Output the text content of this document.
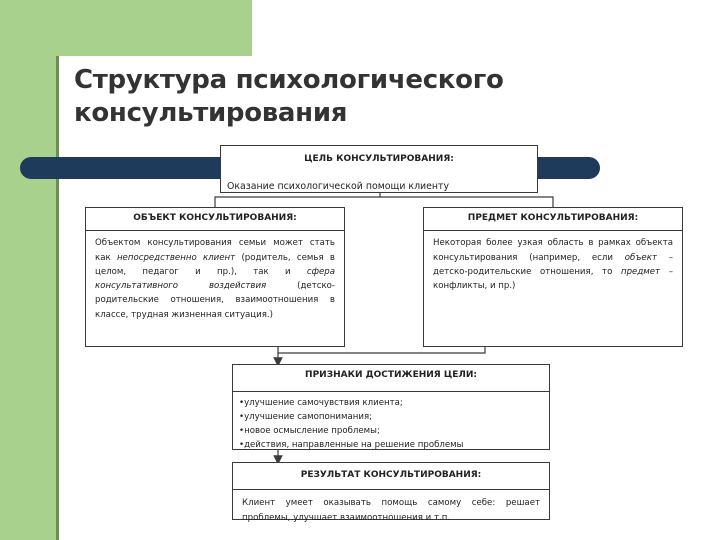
Структура психологического
консультирования
ЦЕЛЬ КОНСУЛЬТИРОВАНИЯ:
Оказание психологической помощи клиенту
ОБЪЕКТ КОНСУЛЬТИРОВАНИЯ:
Объектом консультирования семьи может стать как непосредственно клиент (родитель, семья в целом, педагог и пр.), так и сфера консультативного воздействия (детско-родительские отношения, взаимоотношения в классе, трудная жизненная ситуация.)
ПРЕДМЕТ КОНСУЛЬТИРОВАНИЯ:
Некоторая более узкая область в рамках объекта консультирования (например, если объект – детско-родительские отношения, то предмет – конфликты, и пр.)
ПРИЗНАКИ ДОСТИЖЕНИЯ ЦЕЛИ:
•улучшение самочувствия клиента;
•улучшение самопонимания;
•новое осмысление проблемы;
•действия, направленные на решение проблемы
РЕЗУЛЬТАТ КОНСУЛЬТИРОВАНИЯ:
Клиент умеет оказывать помощь самому себе: решает проблемы, улучшает взаимоотношения и т.п.
